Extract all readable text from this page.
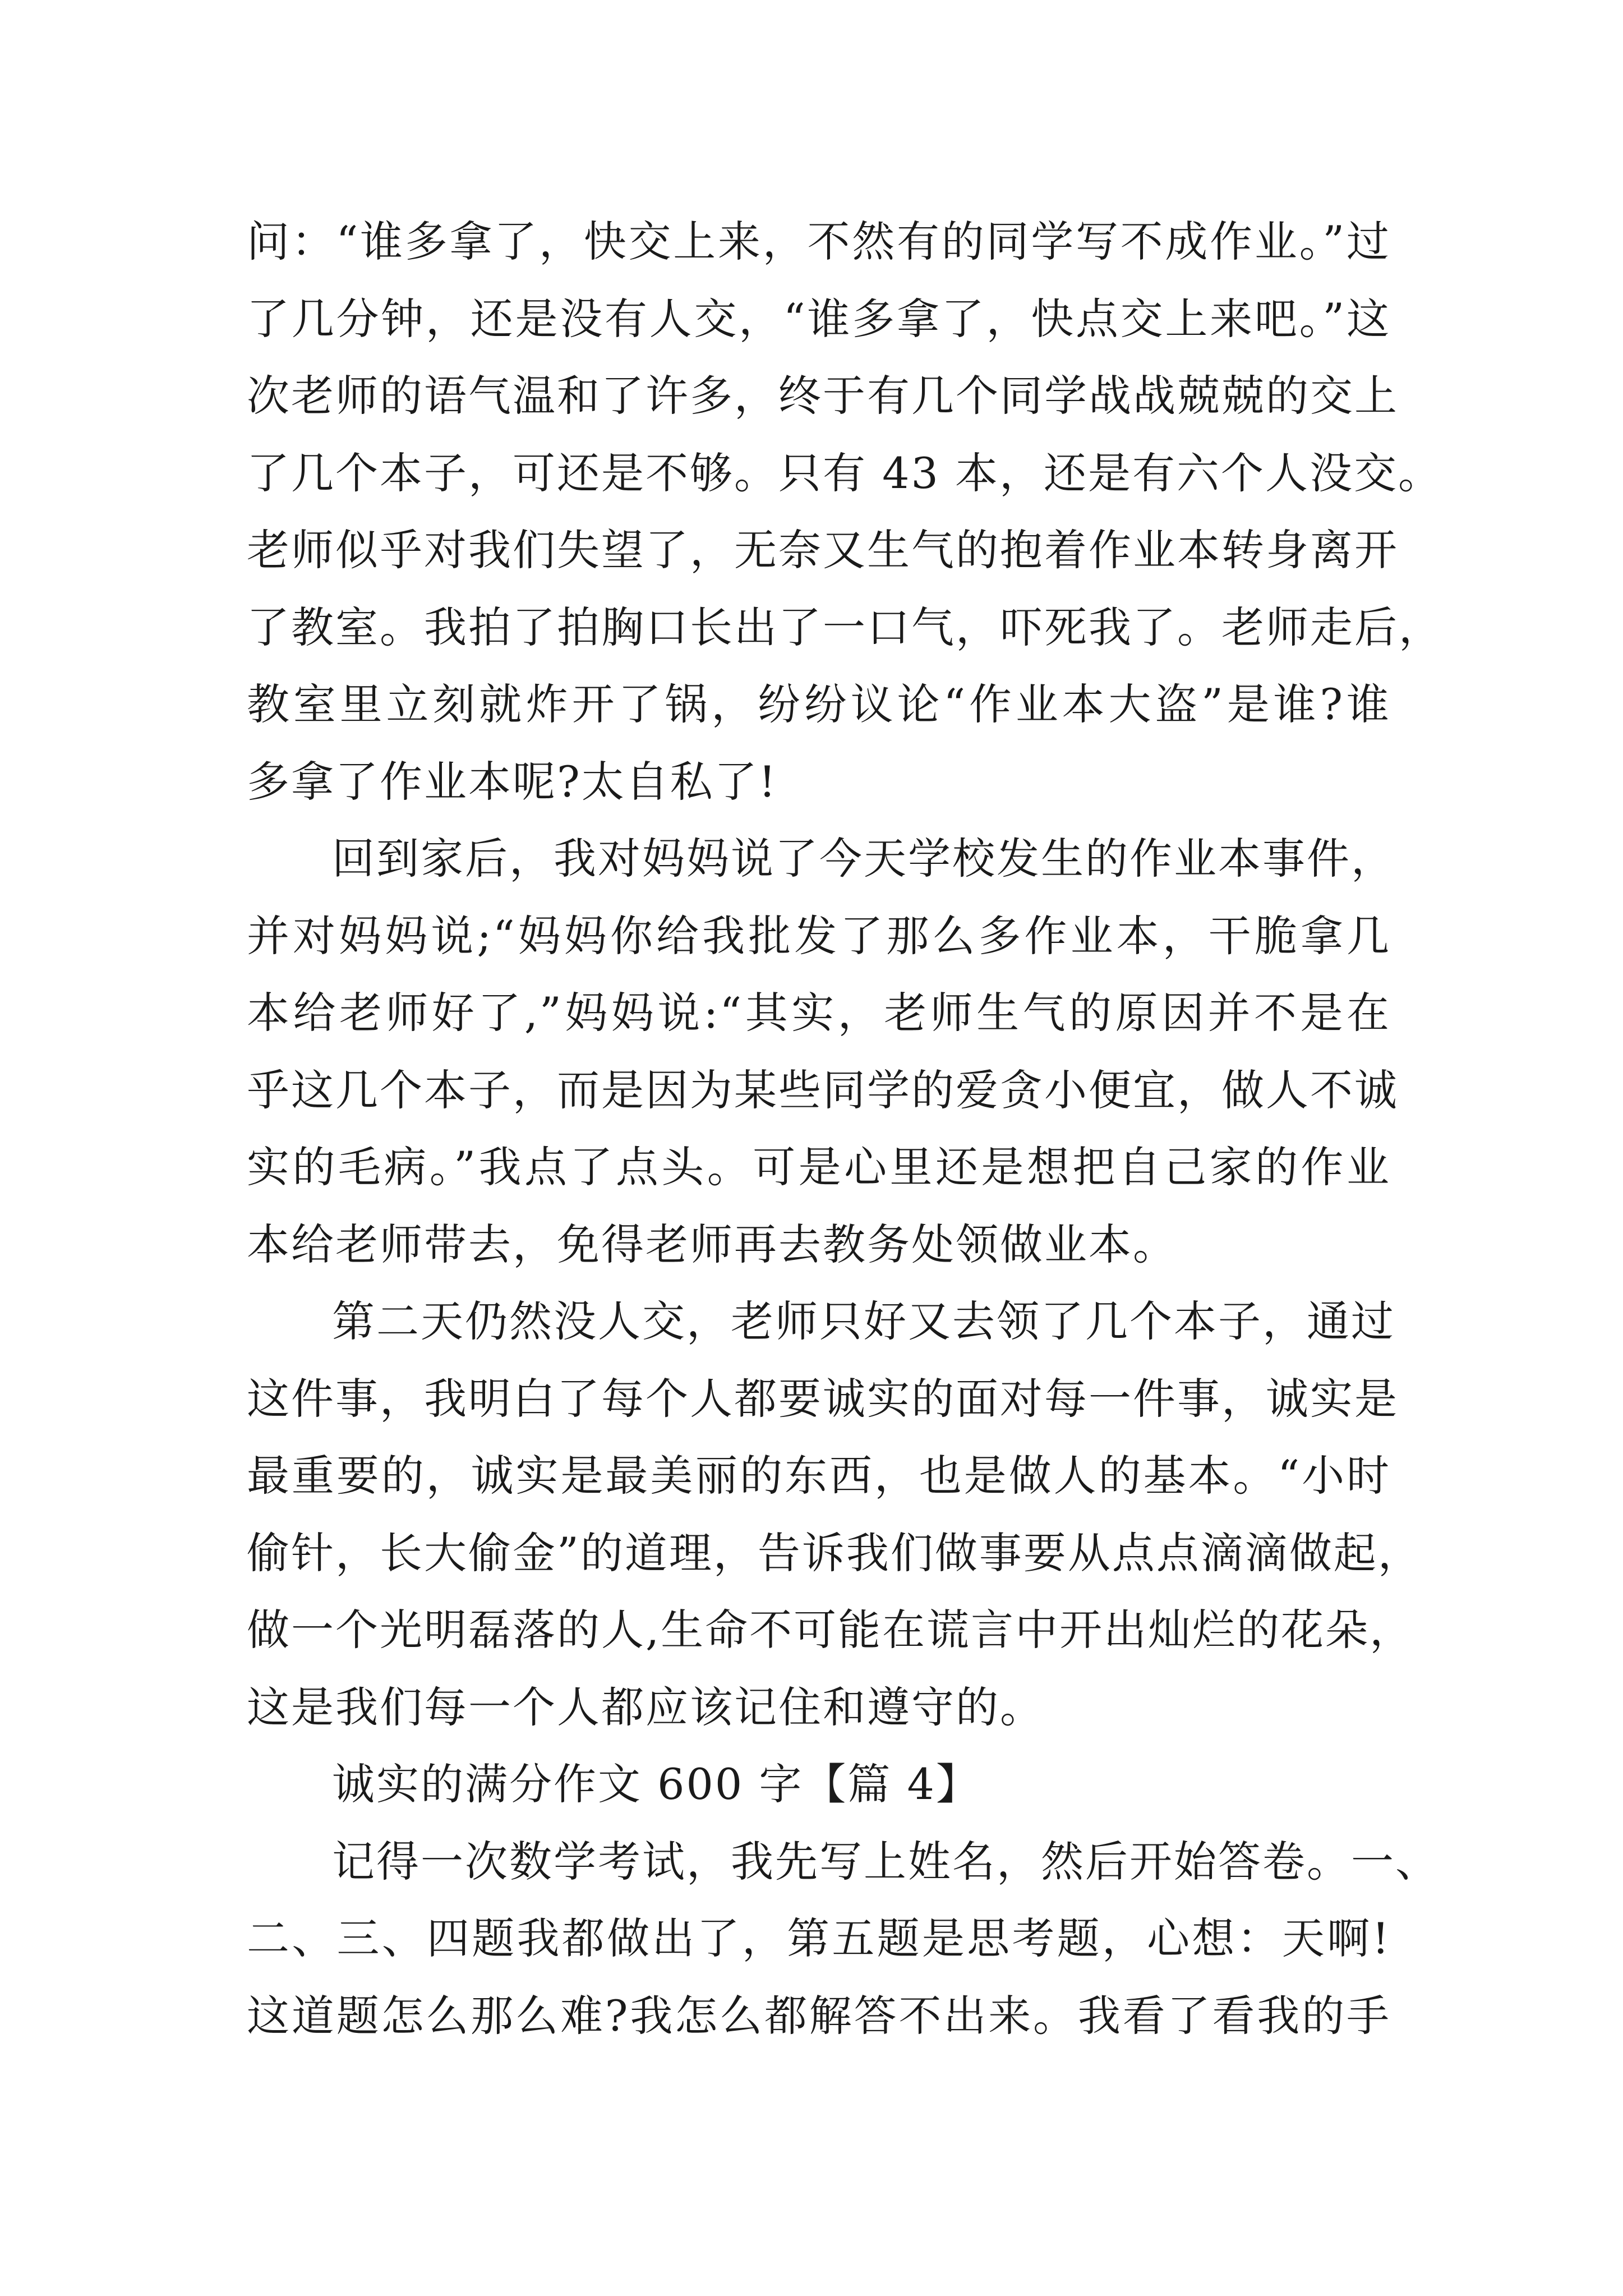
问：“谁多拿了，快交上来，不然有的同学写不成作业。”过
了几分钟，还是没有人交，“谁多拿了，快点交上来吧。”这
次老师的语气温和了许多，终于有几个同学战战兢兢的交上
了几个本子，可还是不够。只有 43 本，还是有六个人没交。
老师似乎对我们失望了，无奈又生气的抱着作业本转身离开
了教室。我拍了拍胸口长出了一口气，吓死我了。老师走后，
教室里立刻就炸开了锅，纷纷议论“作业本大盗”是谁?谁
多拿了作业本呢?太自私了!
回到家后，我对妈妈说了今天学校发生的作业本事件，
并对妈妈说;“妈妈你给我批发了那么多作业本，干脆拿几
本给老师好了,”妈妈说:“其实，老师生气的原因并不是在
乎这几个本子，而是因为某些同学的爱贪小便宜，做人不诚
实的毛病。”我点了点头。可是心里还是想把自己家的作业
本给老师带去，免得老师再去教务处领做业本。
第二天仍然没人交，老师只好又去领了几个本子，通过
这件事，我明白了每个人都要诚实的面对每一件事，诚实是
最重要的，诚实是最美丽的东西，也是做人的基本。“小时
偷针，长大偷金”的道理，告诉我们做事要从点点滴滴做起，
做一个光明磊落的人,生命不可能在谎言中开出灿烂的花朵，
这是我们每一个人都应该记住和遵守的。
诚实的满分作文 600 字【篇 4】
记得一次数学考试，我先写上姓名，然后开始答卷。一、
二、三、四题我都做出了，第五题是思考题，心想：天啊!
这道题怎么那么难?我怎么都解答不出来。我看了看我的手
